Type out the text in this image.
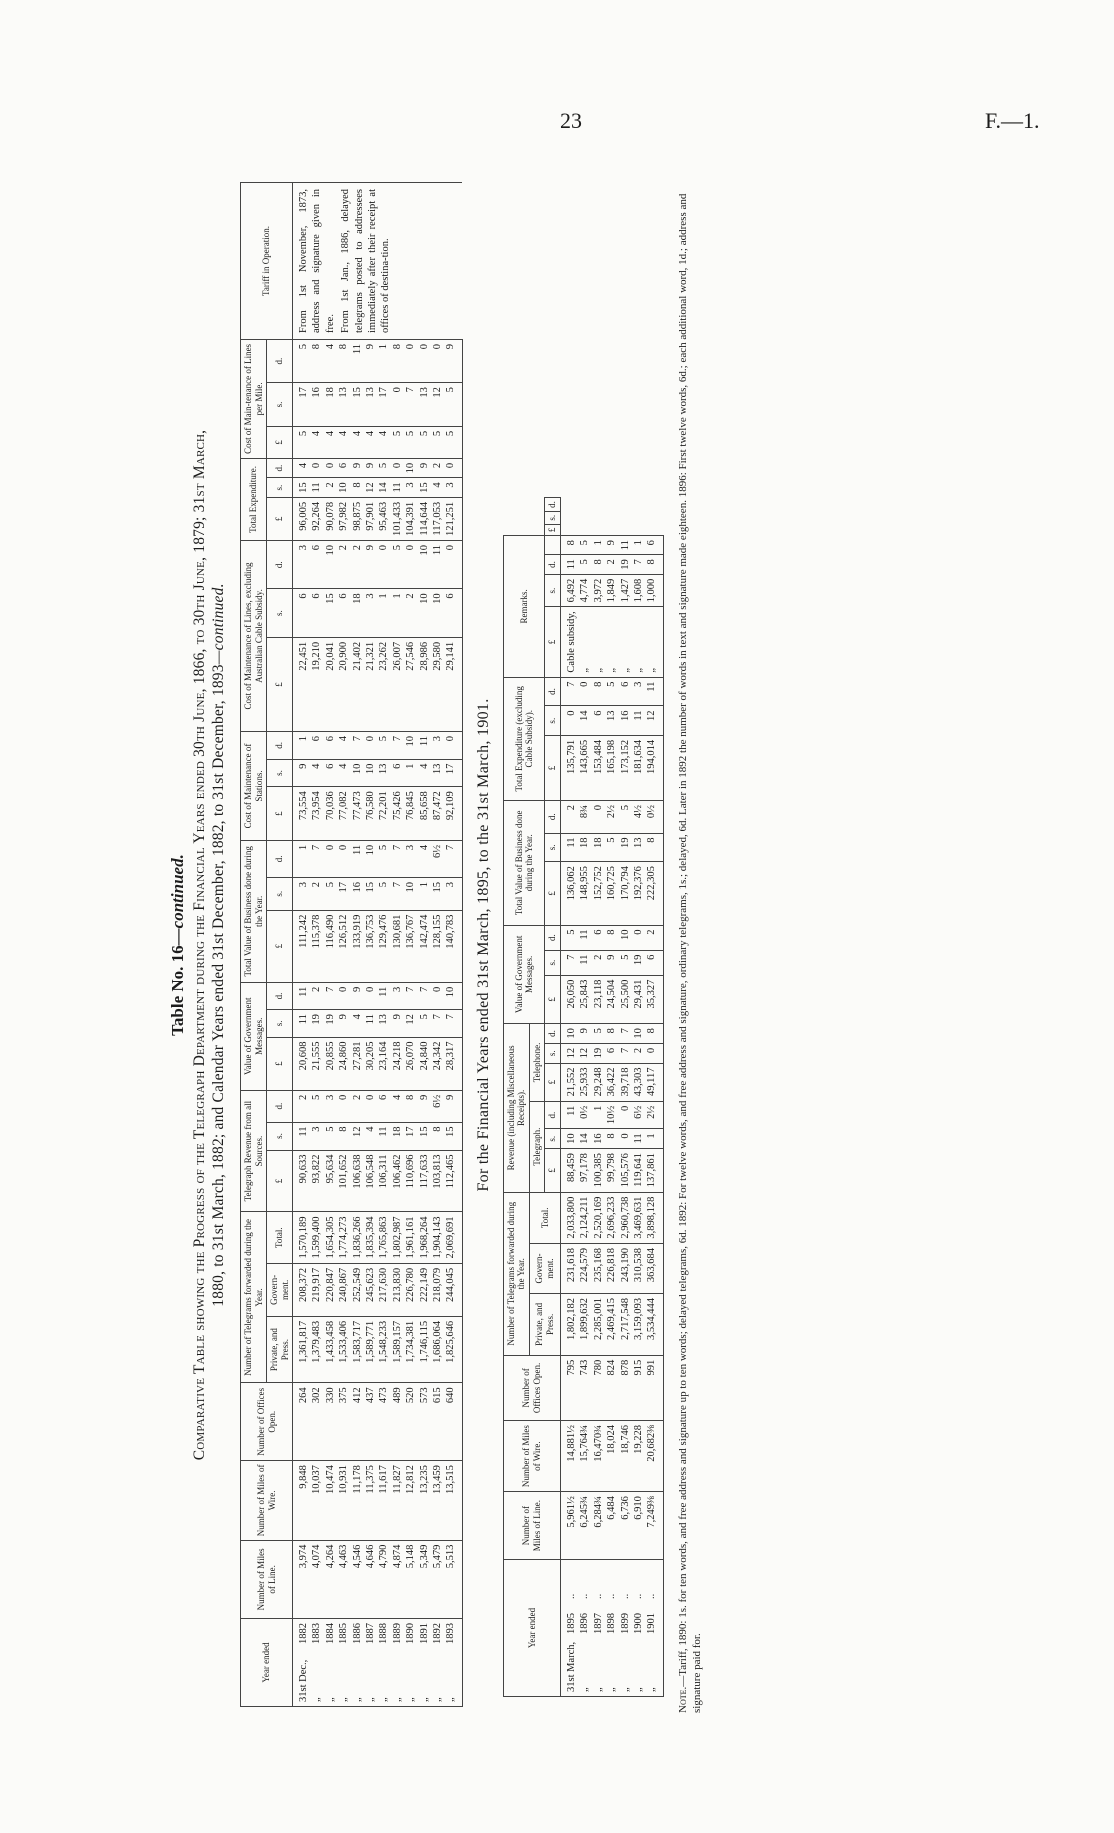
23	F.—1.
Table No. 16—continued. Comparative Table showing the Progress of the Telegraph Department during the Financial Years ended 30th June, 1866, to 30th June, 1879; 31st March, 1880, to 31st March, 1882; and Calendar Years ended 31st December, 1882, to 31st December, 1893—continued.
Year ended	Number of Miles of Line.	Number of Miles of Wire.	Number of Offices Open.	Number of Telegrams forwarded during the Year.			Telegraph Revenue from all Sources.			Value of Government Messages.			Total Value of Business done during the Year.			Cost of Maintenance of Stations.			Cost of Maintenance of Lines, excluding Australian Cable Subsidy.			Total Expenditure.			Cost of Main-tenance of Lines per Mile.			Tariff in Operation.
				Private, and Press.	Govern-ment.	Total.																						
							£	s.	d.	£	s.	d.	£	s.	d.	£	s.	d.	£	s.	d.	£	s.	d.	£	s.	d.	
31st Dec.,1882	3,974	9,848	264	1,361,817	208,372	1,570,189	90,633	11	2	20,608	11	11	111,242	3	1	73,554	9	1	22,451	6	3	96,005	15	4	5	17	5	From 1st November, 1873, address and signature given in free. From 1st Jan., 1886, delayed telegrams posted to addressees immediately after their receipt at offices of destina-tion.

„1883	4,074	10,037	302	1,379,483	219,917	1,599,400	93,822	3	5	21,555	19	2	115,378	2	7	73,954	4	6	19,210	6	6	92,264	11	0	4	16	8	
„1884	4,264	10,474	330	1,433,458	220,847	1,654,305	95,634	5	3	20,855	19	7	116,490	5	0	70,036	6	6	20,041	15	10	90,078	2	0	4	18	4	
„1885	4,463	10,931	375	1,533,406	240,867	1,774,273	101,652	8	0	24,860	9	0	126,512	17	0	77,082	4	4	20,900	6	2	97,982	10	6	4	13	8	
„1886	4,546	11,178	412	1,583,717	252,549	1,836,266	106,638	12	2	27,281	4	9	133,919	16	11	77,473	10	7	21,402	18	2	98,875	8	9	4	15	11	
„1887	4,646	11,375	437	1,589,771	245,623	1,835,394	106,548	4	0	30,205	11	0	136,753	15	10	76,580	10	0	21,321	3	9	97,901	12	9	4	13	9	
„1888	4,790	11,617	473	1,548,233	217,630	1,765,863	106,311	11	6	23,164	13	11	129,476	5	5	72,201	13	5	23,262	1	0	95,463	14	5	4	17	1	
„1889	4,874	11,827	489	1,589,157	213,830	1,802,987	106,462	18	4	24,218	9	3	130,681	7	7	75,426	6	7	26,007	1	5	101,433	11	0	5	0	8	
„1890	5,148	12,812	520	1,734,381	226,780	1,961,161	110,696	17	8	26,070	12	7	136,767	10	3	76,845	1	10	27,546	2	0	104,391	3	10	5	7	0	
„1891	5,349	13,235	573	1,746,115	222,149	1,968,264	117,633	15	9	24,840	5	7	142,474	1	4	85,658	4	11	28,986	10	10	114,644	15	9	5	13	0	
„1892	5,479	13,459	615	1,686,064	218,079	1,904,143	103,813	8	6½	24,342	7	0	128,155	15	6½	87,472	13	3	29,580	10	11	117,053	4	2	5	12	0	
„1893	5,513	13,515	640	1,825,646	244,045	2,069,691	112,465	15	9	28,317	7	10	140,783	3	7	92,109	17	0	29,141	6	0	121,251	3	0	5	5	9	
For the Financial Years ended 31st March, 1895, to the 31st March, 1901.
Year ended	Number of Miles of Line.	Number of Miles of Wire.	Number of Offices Open.	Number of Telegrams forwarded during the Year.			Revenue (including Miscellaneous Receipts).						Value of Government Messages.			Total Value of Business done during the Year.			Total Expenditure (excluding Cable Subsidy).			Remarks.						
				Private, and Press.	Govern-ment.	Total.	Telegraph.			Telephone.																		
							£	s.	d.	£	s.	d.	£	s.	d.	£	s.	d.	£	s.	d.	£	s.	d.		£	s.	d.
31st March,1895..	5,961½	14,881½	795	1,802,182	231,618	2,033,800	88,459	10	11	21,552	12	10	26,050	7	5	136,062	11	2	135,791	0	7	Cable subsidy,	6,492	11	8			
„1896..	6,245¾	15,764¾	743	1,899,632	224,579	2,124,211	97,178	14	0½	25,933	12	9	25,843	11	11	148,955	18	8¾	143,665	14	0	„	4,774	5	5			
„1897..	6,284¾	16,470¾	780	2,285,001	235,168	2,520,169	100,385	16	1	29,248	19	5	23,118	2	6	152,752	18	0	153,484	6	8	„	3,972	8	1			
„1898..	6,484	18,024	824	2,469,415	226,818	2,696,233	99,798	8	10½	36,422	6	8	24,504	9	8	160,725	5	2½	165,198	13	5	„	1,849	2	9			
„1899..	6,736	18,746	878	2,717,548	243,190	2,960,738	105,576	0	0	39,718	7	7	25,500	5	10	170,794	19	5	173,152	16	6	„	1,427	19	11			
„1900..	6,910	19,228	915	3,159,093	310,538	3,469,631	119,641	11	6½	43,303	2	10	29,431	19	0	192,376	13	4½	181,634	11	3	„	1,608	7	1			
„1901..	7,249⅜	20,682⅜	991	3,534,444	363,684	3,898,128	137,861	1	2½	49,117	0	8	35,327	6	2	222,305	8	0½	194,014	12	11	„	1,000	8	6			
Note.—Tariff, 1890: 1s. for ten words, and free address and signature up to ten words; delayed telegrams, 6d. 1892: For twelve words, and free address and signature, ordinary telegrams, 1s.; delayed, 6d. Later in 1892 the number of words in text and signature made eighteen. 1896: First twelve words, 6d.; each additional word, 1d.; address and signature paid for.
